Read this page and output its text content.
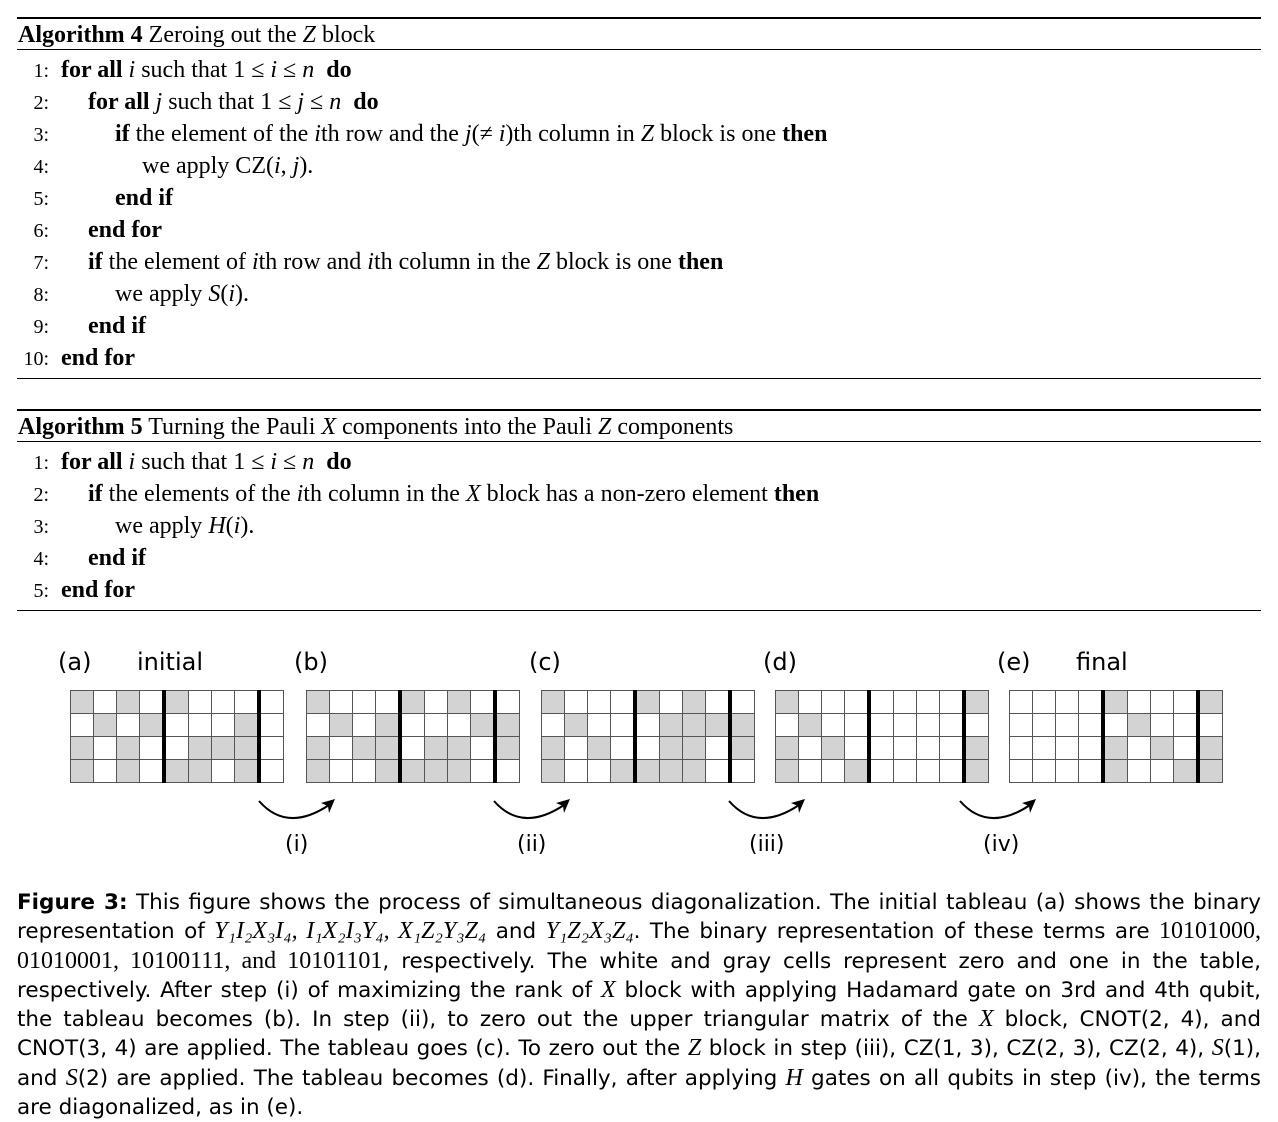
Algorithm 4 Zeroing out the Z block
1: for all i such that 1 ≤ i ≤ n do
2: for all j such that 1 ≤ j ≤ n do
3:	if the element of the ith row and the j(≠ i)th column in Z block is one then
4:	we apply CZ(i, j).
5:	end if
6: end for
7: if the element of ith row and ith column in the Z block is one then
8:	we apply S(i).
9: end if
10: end for
Algorithm 5 Turning the Pauli X components into the Pauli Z components
1: for all i such that 1 ≤ i ≤ n do
2: if the elements of the ith column in the X block has a non-zero element then
3:	we apply H(i).
4: end if
5: end for
(a) initial

									(b)

									(c)

									(d)

									(e) final

(i)	(ii)	(iii)	(iv)
Figure 3: This figure shows the process of simultaneous diagonalization. The initial tableau (a) shows the binary representation of Y₁I₂X₃I₄, I₁X₂I₃Y₄, X₁Z₂Y₃Z₄ and Y₁Z₂X₃Z₄. The binary representation of these terms are 10101000, 01010001, 10100111, and 10101101, respectively. The white and gray cells represent zero and one in the table, respectively. After step (i) of maximizing the rank of X block with applying Hadamard gate on 3rd and 4th qubit, the tableau becomes (b). In step (ii), to zero out the upper triangular matrix of the X block, CNOT(2, 4), and CNOT(3, 4) are applied. The tableau goes (c). To zero out the Z block in step (iii), CZ(1, 3), CZ(2, 3), CZ(2, 4), S(1), and S(2) are applied. The tableau becomes (d). Finally, after applying H gates on all qubits in step (iv), the terms are diagonalized, as in (e).
